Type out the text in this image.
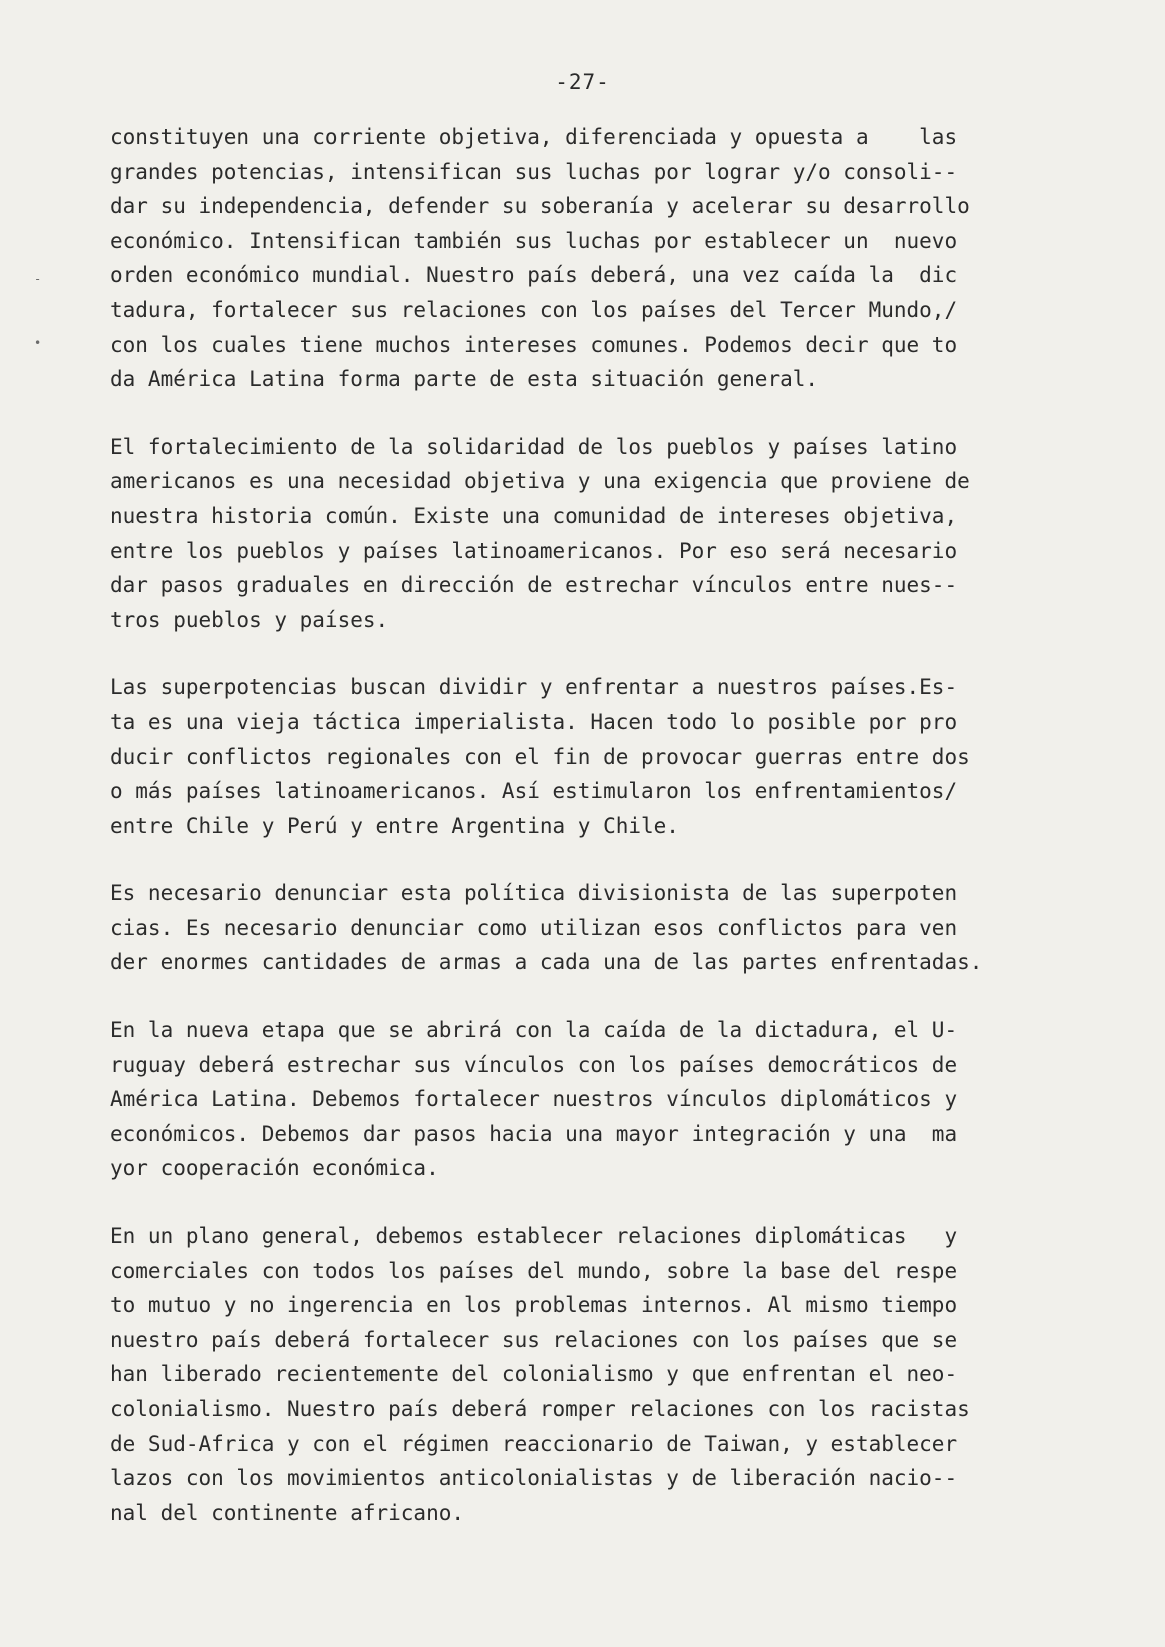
-27-
-
•
constituyen una corriente objetiva, diferenciada y opuesta a    las
grandes potencias, intensifican sus luchas por lograr y/o consoli--
dar su independencia, defender su soberanía y acelerar su desarrollo
económico. Intensifican también sus luchas por establecer un  nuevo
orden económico mundial. Nuestro país deberá, una vez caída la  dic
tadura, fortalecer sus relaciones con los países del Tercer Mundo,/
con los cuales tiene muchos intereses comunes. Podemos decir que to
da América Latina forma parte de esta situación general.
El fortalecimiento de la solidaridad de los pueblos y países latino
americanos es una necesidad objetiva y una exigencia que proviene de
nuestra historia común. Existe una comunidad de intereses objetiva,
entre los pueblos y países latinoamericanos. Por eso será necesario
dar pasos graduales en dirección de estrechar vínculos entre nues--
tros pueblos y países.
Las superpotencias buscan dividir y enfrentar a nuestros países.Es-
ta es una vieja táctica imperialista. Hacen todo lo posible por pro
ducir conflictos regionales con el fin de provocar guerras entre dos
o más países latinoamericanos. Así estimularon los enfrentamientos/
entre Chile y Perú y entre Argentina y Chile.
Es necesario denunciar esta política divisionista de las superpoten
cias. Es necesario denunciar como utilizan esos conflictos para ven
der enormes cantidades de armas a cada una de las partes enfrentadas.
En la nueva etapa que se abrirá con la caída de la dictadura, el U-
ruguay deberá estrechar sus vínculos con los países democráticos de
América Latina. Debemos fortalecer nuestros vínculos diplomáticos y
económicos. Debemos dar pasos hacia una mayor integración y una  ma
yor cooperación económica.
En un plano general, debemos establecer relaciones diplomáticas   y
comerciales con todos los países del mundo, sobre la base del respe
to mutuo y no ingerencia en los problemas internos. Al mismo tiempo
nuestro país deberá fortalecer sus relaciones con los países que se
han liberado recientemente del colonialismo y que enfrentan el neo-
colonialismo. Nuestro país deberá romper relaciones con los racistas
de Sud-Africa y con el régimen reaccionario de Taiwan, y establecer
lazos con los movimientos anticolonialistas y de liberación nacio--
nal del continente africano.
